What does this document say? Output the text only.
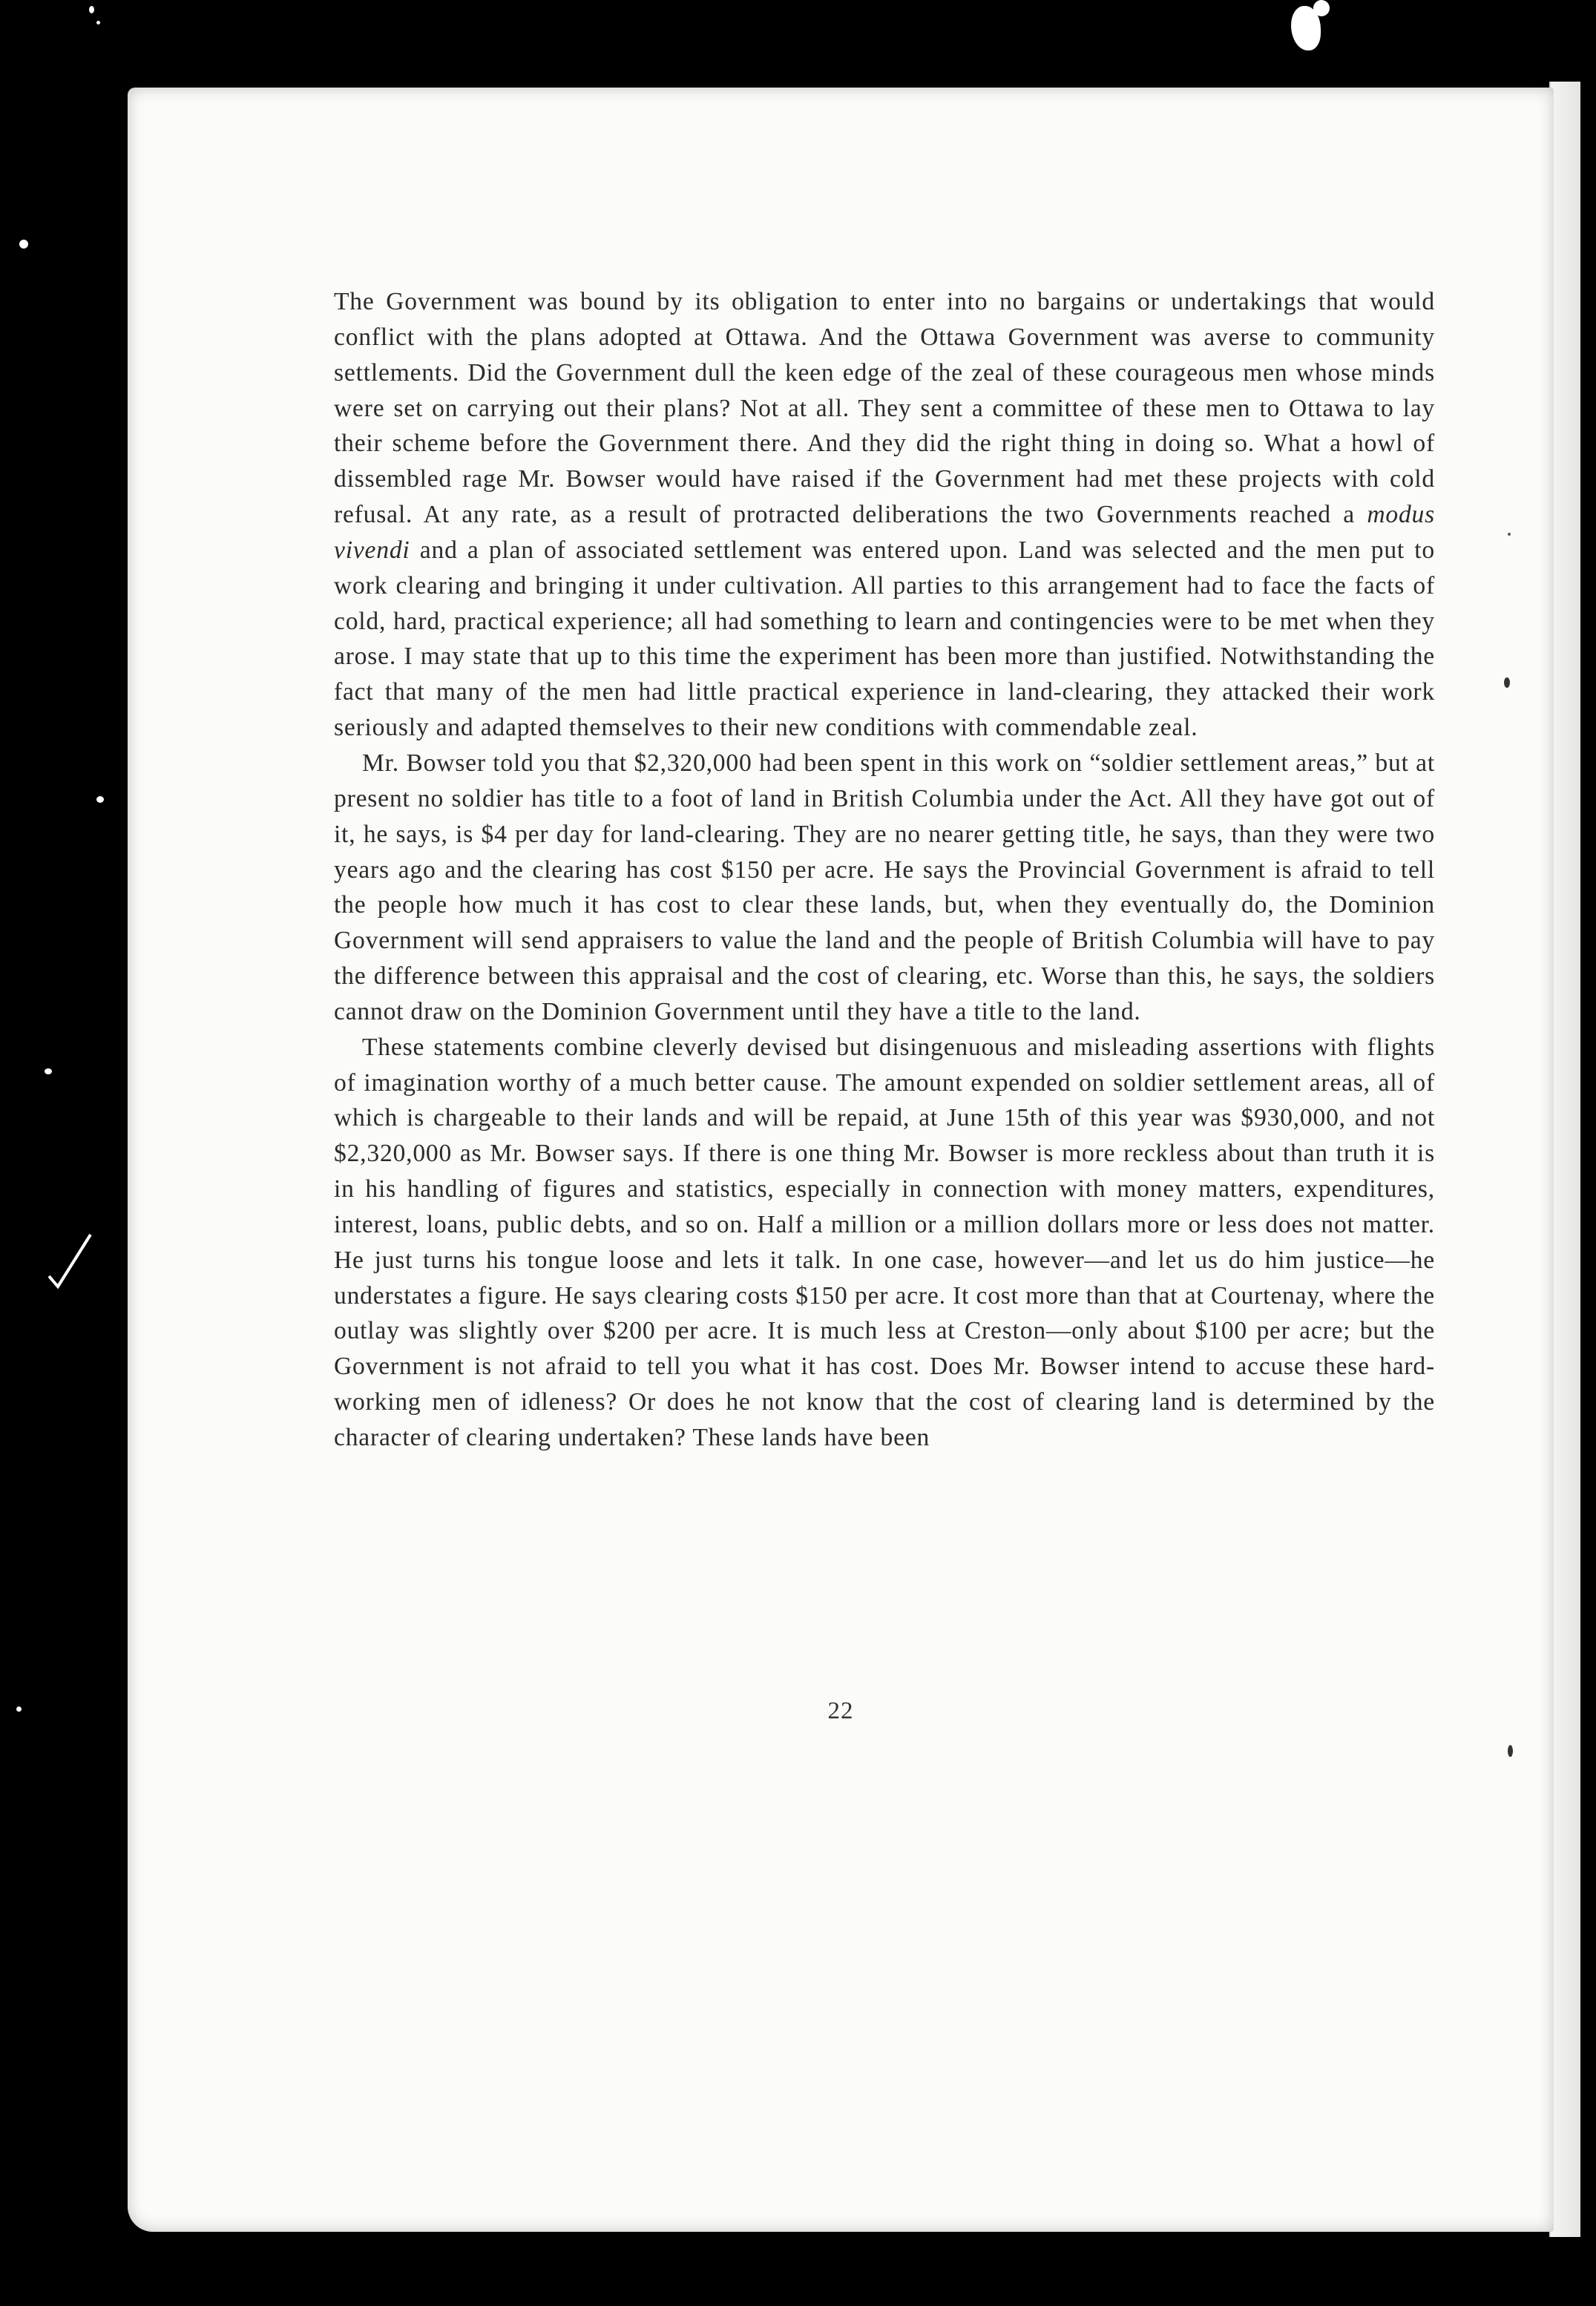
The Government was bound by its obligation to enter into no bargains or undertakings that would conflict with the plans adopted at Ottawa. And the Ottawa Government was averse to community settlements. Did the Government dull the keen edge of the zeal of these courageous men whose minds were set on carrying out their plans? Not at all. They sent a committee of these men to Ottawa to lay their scheme before the Government there. And they did the right thing in doing so. What a howl of dissembled rage Mr. Bowser would have raised if the Government had met these projects with cold refusal. At any rate, as a result of protracted deliberations the two Governments reached a modus vivendi and a plan of associated settlement was entered upon. Land was selected and the men put to work clearing and bringing it under cultivation. All parties to this arrangement had to face the facts of cold, hard, practical experience; all had something to learn and contingencies were to be met when they arose. I may state that up to this time the experiment has been more than justified. Notwithstanding the fact that many of the men had little practical experience in land-clearing, they attacked their work seriously and adapted themselves to their new conditions with commendable zeal.

Mr. Bowser told you that $2,320,000 had been spent in this work on “soldier settlement areas,” but at present no soldier has title to a foot of land in British Columbia under the Act. All they have got out of it, he says, is $4 per day for land-clearing. They are no nearer getting title, he says, than they were two years ago and the clearing has cost $150 per acre. He says the Provincial Government is afraid to tell the people how much it has cost to clear these lands, but, when they eventually do, the Dominion Government will send appraisers to value the land and the people of British Columbia will have to pay the difference between this appraisal and the cost of clearing, etc. Worse than this, he says, the soldiers cannot draw on the Dominion Government until they have a title to the land.

These statements combine cleverly devised but disingenuous and misleading assertions with flights of imagination worthy of a much better cause. The amount expended on soldier settlement areas, all of which is chargeable to their lands and will be repaid, at June 15th of this year was $930,000, and not $2,320,000 as Mr. Bowser says. If there is one thing Mr. Bowser is more reckless about than truth it is in his handling of figures and statistics, especially in connection with money matters, expenditures, interest, loans, public debts, and so on. Half a million or a million dollars more or less does not matter. He just turns his tongue loose and lets it talk. In one case, however—and let us do him justice—he understates a figure. He says clearing costs $150 per acre. It cost more than that at Courtenay, where the outlay was slightly over $200 per acre. It is much less at Creston—only about $100 per acre; but the Government is not afraid to tell you what it has cost. Does Mr. Bowser intend to accuse these hard-working men of idleness? Or does he not know that the cost of clearing land is determined by the character of clearing undertaken? These lands have been

22
